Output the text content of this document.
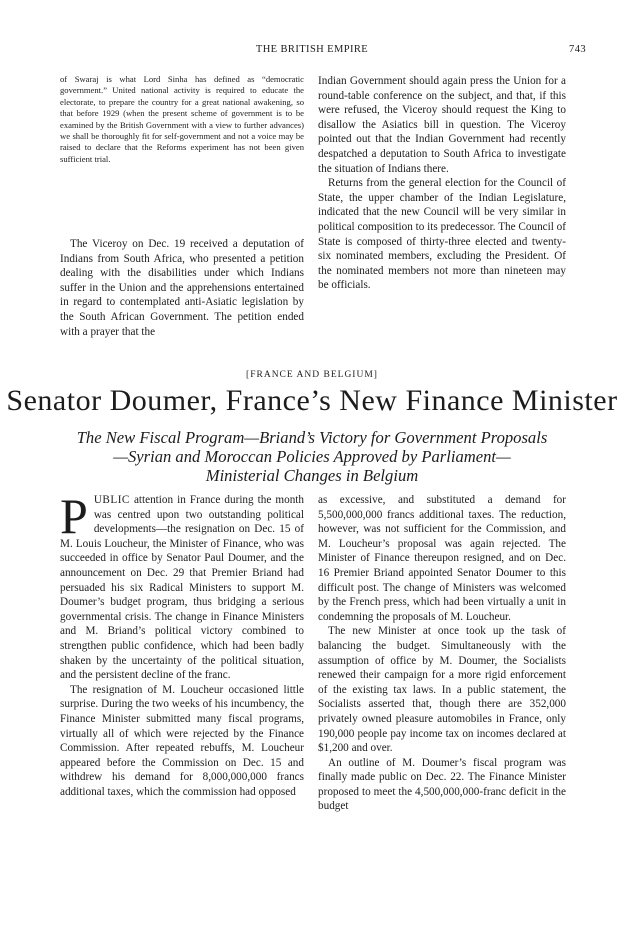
THE BRITISH EMPIRE	743

of Swaraj is what Lord Sinha has defined as “democratic government.” United national activity is required to educate the electorate, to prepare the country for a great national awakening, so that before 1929 (when the present scheme of government is to be examined by the British Government with a view to further advances) we shall be thoroughly fit for self-government and not a voice may be raised to declare that the Reforms experiment has not been given sufficient trial.

The Viceroy on Dec. 19 received a deputation of Indians from South Africa, who presented a petition dealing with the disabilities under which Indians suffer in the Union and the apprehensions entertained in regard to contemplated anti-Asiatic legislation by the South African Government. The petition ended with a prayer that the

Indian Government should again press the Union for a round-table conference on the subject, and that, if this were refused, the Viceroy should request the King to disallow the Asiatics bill in question. The Viceroy pointed out that the Indian Government had recently despatched a deputation to South Africa to investigate the situation of Indians there.

Returns from the general election for the Council of State, the upper chamber of the Indian Legislature, indicated that the new Council will be very similar in political composition to its predecessor. The Council of State is composed of thirty-three elected and twenty-six nominated members, excluding the President. Of the nominated members not more than nineteen may be officials.

[FRANCE AND BELGIUM]
Senator Doumer, France’s New Finance Minister
The New Fiscal Program—Briand’s Victory for Government Proposals
—Syrian and Moroccan Policies Approved by Parliament—
Ministerial Changes in Belgium

PUBLIC attention in France during the month was centred upon two outstanding political developments—the resignation on Dec. 15 of M. Louis Loucheur, the Minister of Finance, who was succeeded in office by Senator Paul Doumer, and the announcement on Dec. 29 that Premier Briand had persuaded his six Radical Ministers to support M. Doumer’s budget program, thus bridging a serious governmental crisis. The change in Finance Ministers and M. Briand’s political victory combined to strengthen public confidence, which had been badly shaken by the uncertainty of the political situation, and the persistent decline of the franc.

The resignation of M. Loucheur occasioned little surprise. During the two weeks of his incumbency, the Finance Minister submitted many fiscal programs, virtually all of which were rejected by the Finance Commission. After repeated rebuffs, M. Loucheur appeared before the Commission on Dec. 15 and withdrew his demand for 8,000,000,000 francs additional taxes, which the commission had opposed

as excessive, and substituted a demand for 5,500,000,000 francs additional taxes. The reduction, however, was not sufficient for the Commission, and M. Loucheur’s proposal was again rejected. The Minister of Finance thereupon resigned, and on Dec. 16 Premier Briand appointed Senator Doumer to this difficult post. The change of Ministers was welcomed by the French press, which had been virtually a unit in condemning the proposals of M. Loucheur.

The new Minister at once took up the task of balancing the budget. Simultaneously with the assumption of office by M. Doumer, the Socialists renewed their campaign for a more rigid enforcement of the existing tax laws. In a public statement, the Socialists asserted that, though there are 352,000 privately owned pleasure automobiles in France, only 190,000 people pay income tax on incomes declared at $1,200 and over.

An outline of M. Doumer’s fiscal program was finally made public on Dec. 22. The Finance Minister proposed to meet the 4,500,000,000-franc deficit in the budget
